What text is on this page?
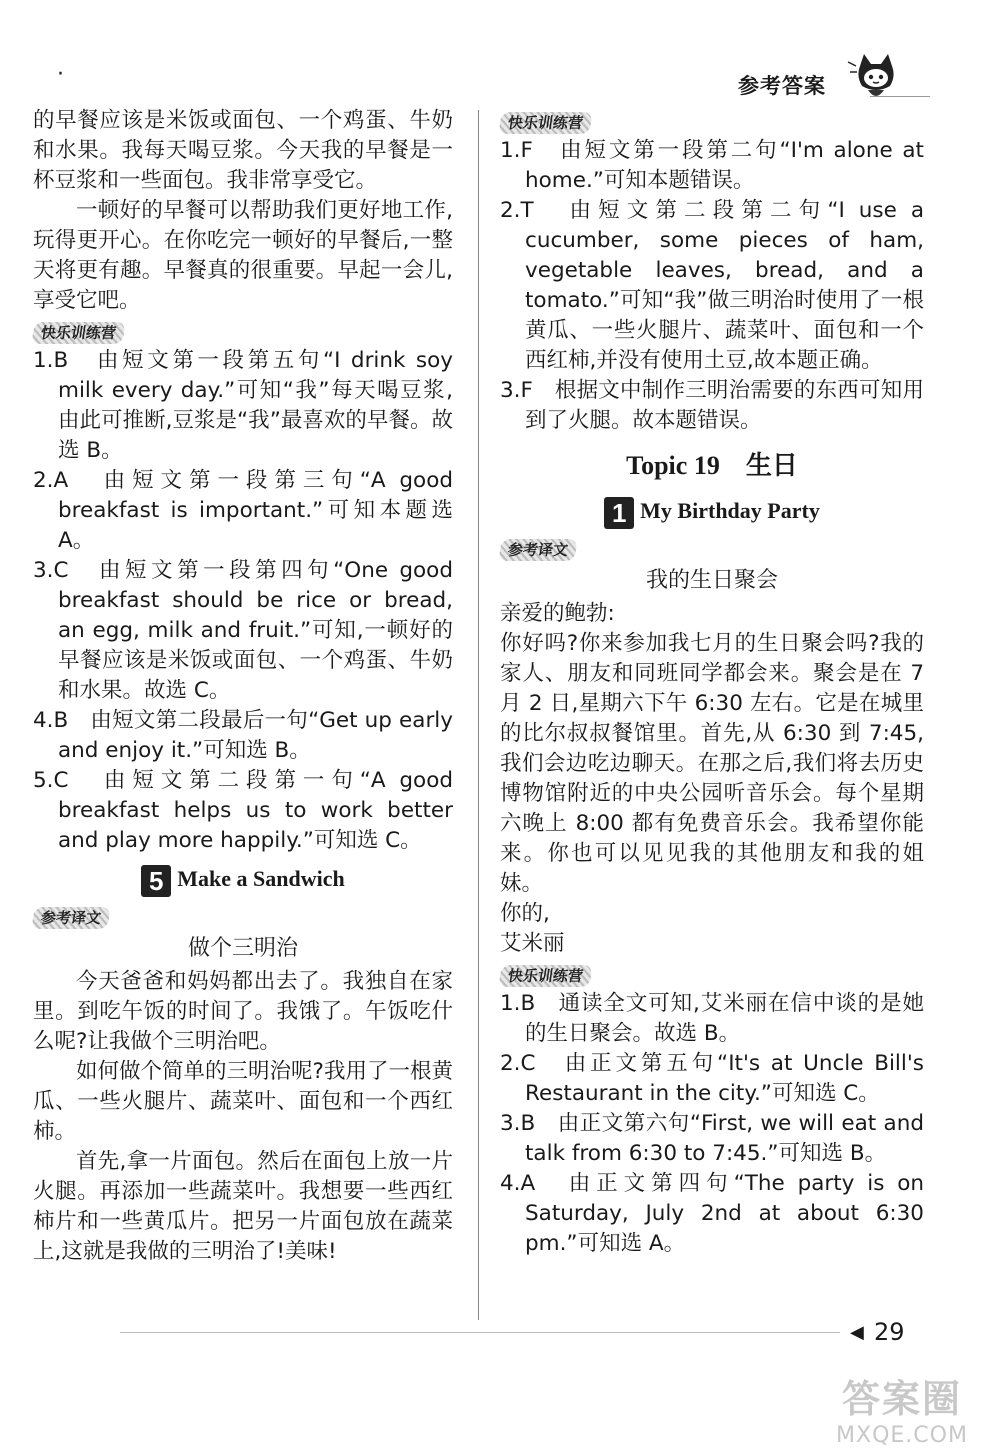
·	参考答案

的早餐应该是米饭或面包、一个鸡蛋、牛奶和水果。我每天喝豆浆。今天我的早餐是一杯豆浆和一些面包。我非常享受它。

一顿好的早餐可以帮助我们更好地工作,玩得更开心。在你吃完一顿好的早餐后,一整天将更有趣。早餐真的很重要。早起一会儿,享受它吧。

快乐训练营
1.B　由短文第一段第五句“I drink soy milk every day.”可知“我”每天喝豆浆,由此可推断,豆浆是“我”最喜欢的早餐。故选 B。
2.A　由短文第一段第三句“A good breakfast is important.”可知本题选 A。
3.C　由短文第一段第四句“One good breakfast should be rice or bread, an egg, milk and fruit.”可知,一顿好的早餐应该是米饭或面包、一个鸡蛋、牛奶和水果。故选 C。
4.B　由短文第二段最后一句“Get up early and enjoy it.”可知选 B。
5.C　由短文第二段第一句“A good breakfast helps us to work better and play more happily.”可知选 C。
5 Make a Sandwich
参考译文
做个三明治

今天爸爸和妈妈都出去了。我独自在家里。到吃午饭的时间了。我饿了。午饭吃什么呢?让我做个三明治吧。

如何做个简单的三明治呢?我用了一根黄瓜、一些火腿片、蔬菜叶、面包和一个西红柿。

首先,拿一片面包。然后在面包上放一片火腿。再添加一些蔬菜叶。我想要一些西红柿片和一些黄瓜片。把另一片面包放在蔬菜上,这就是我做的三明治了!美味!

快乐训练营
1.F　由短文第一段第二句“I'm alone at home.”可知本题错误。
2.T　由短文第二段第二句“I use a cucumber, some pieces of ham, vegetable leaves, bread, and a tomato.”可知“我”做三明治时使用了一根黄瓜、一些火腿片、蔬菜叶、面包和一个西红柿,并没有使用土豆,故本题正确。
3.F　根据文中制作三明治需要的东西可知用到了火腿。故本题错误。
Topic 19 生日
1 My Birthday Party
参考译文
我的生日聚会

亲爱的鲍勃:

你好吗?你来参加我七月的生日聚会吗?我的家人、朋友和同班同学都会来。聚会是在 7 月 2 日,星期六下午 6:30 左右。它是在城里的比尔叔叔餐馆里。首先,从 6:30 到 7:45,我们会边吃边聊天。在那之后,我们将去历史博物馆附近的中央公园听音乐会。每个星期六晚上 8:00 都有免费音乐会。我希望你能来。你也可以见见我的其他朋友和我的姐妹。

你的,

艾米丽

快乐训练营
1.B　通读全文可知,艾米丽在信中谈的是她的生日聚会。故选 B。
2.C　由正文第五句“It's at Uncle Bill's Restaurant in the city.”可知选 C。
3.B　由正文第六句“First, we will eat and talk from 6:30 to 7:45.”可知选 B。
4.A　由正文第四句“The party is on Saturday, July 2nd at about 6:30 pm.”可知选 A。
◀ 29
答案圈
MXQE.COM
